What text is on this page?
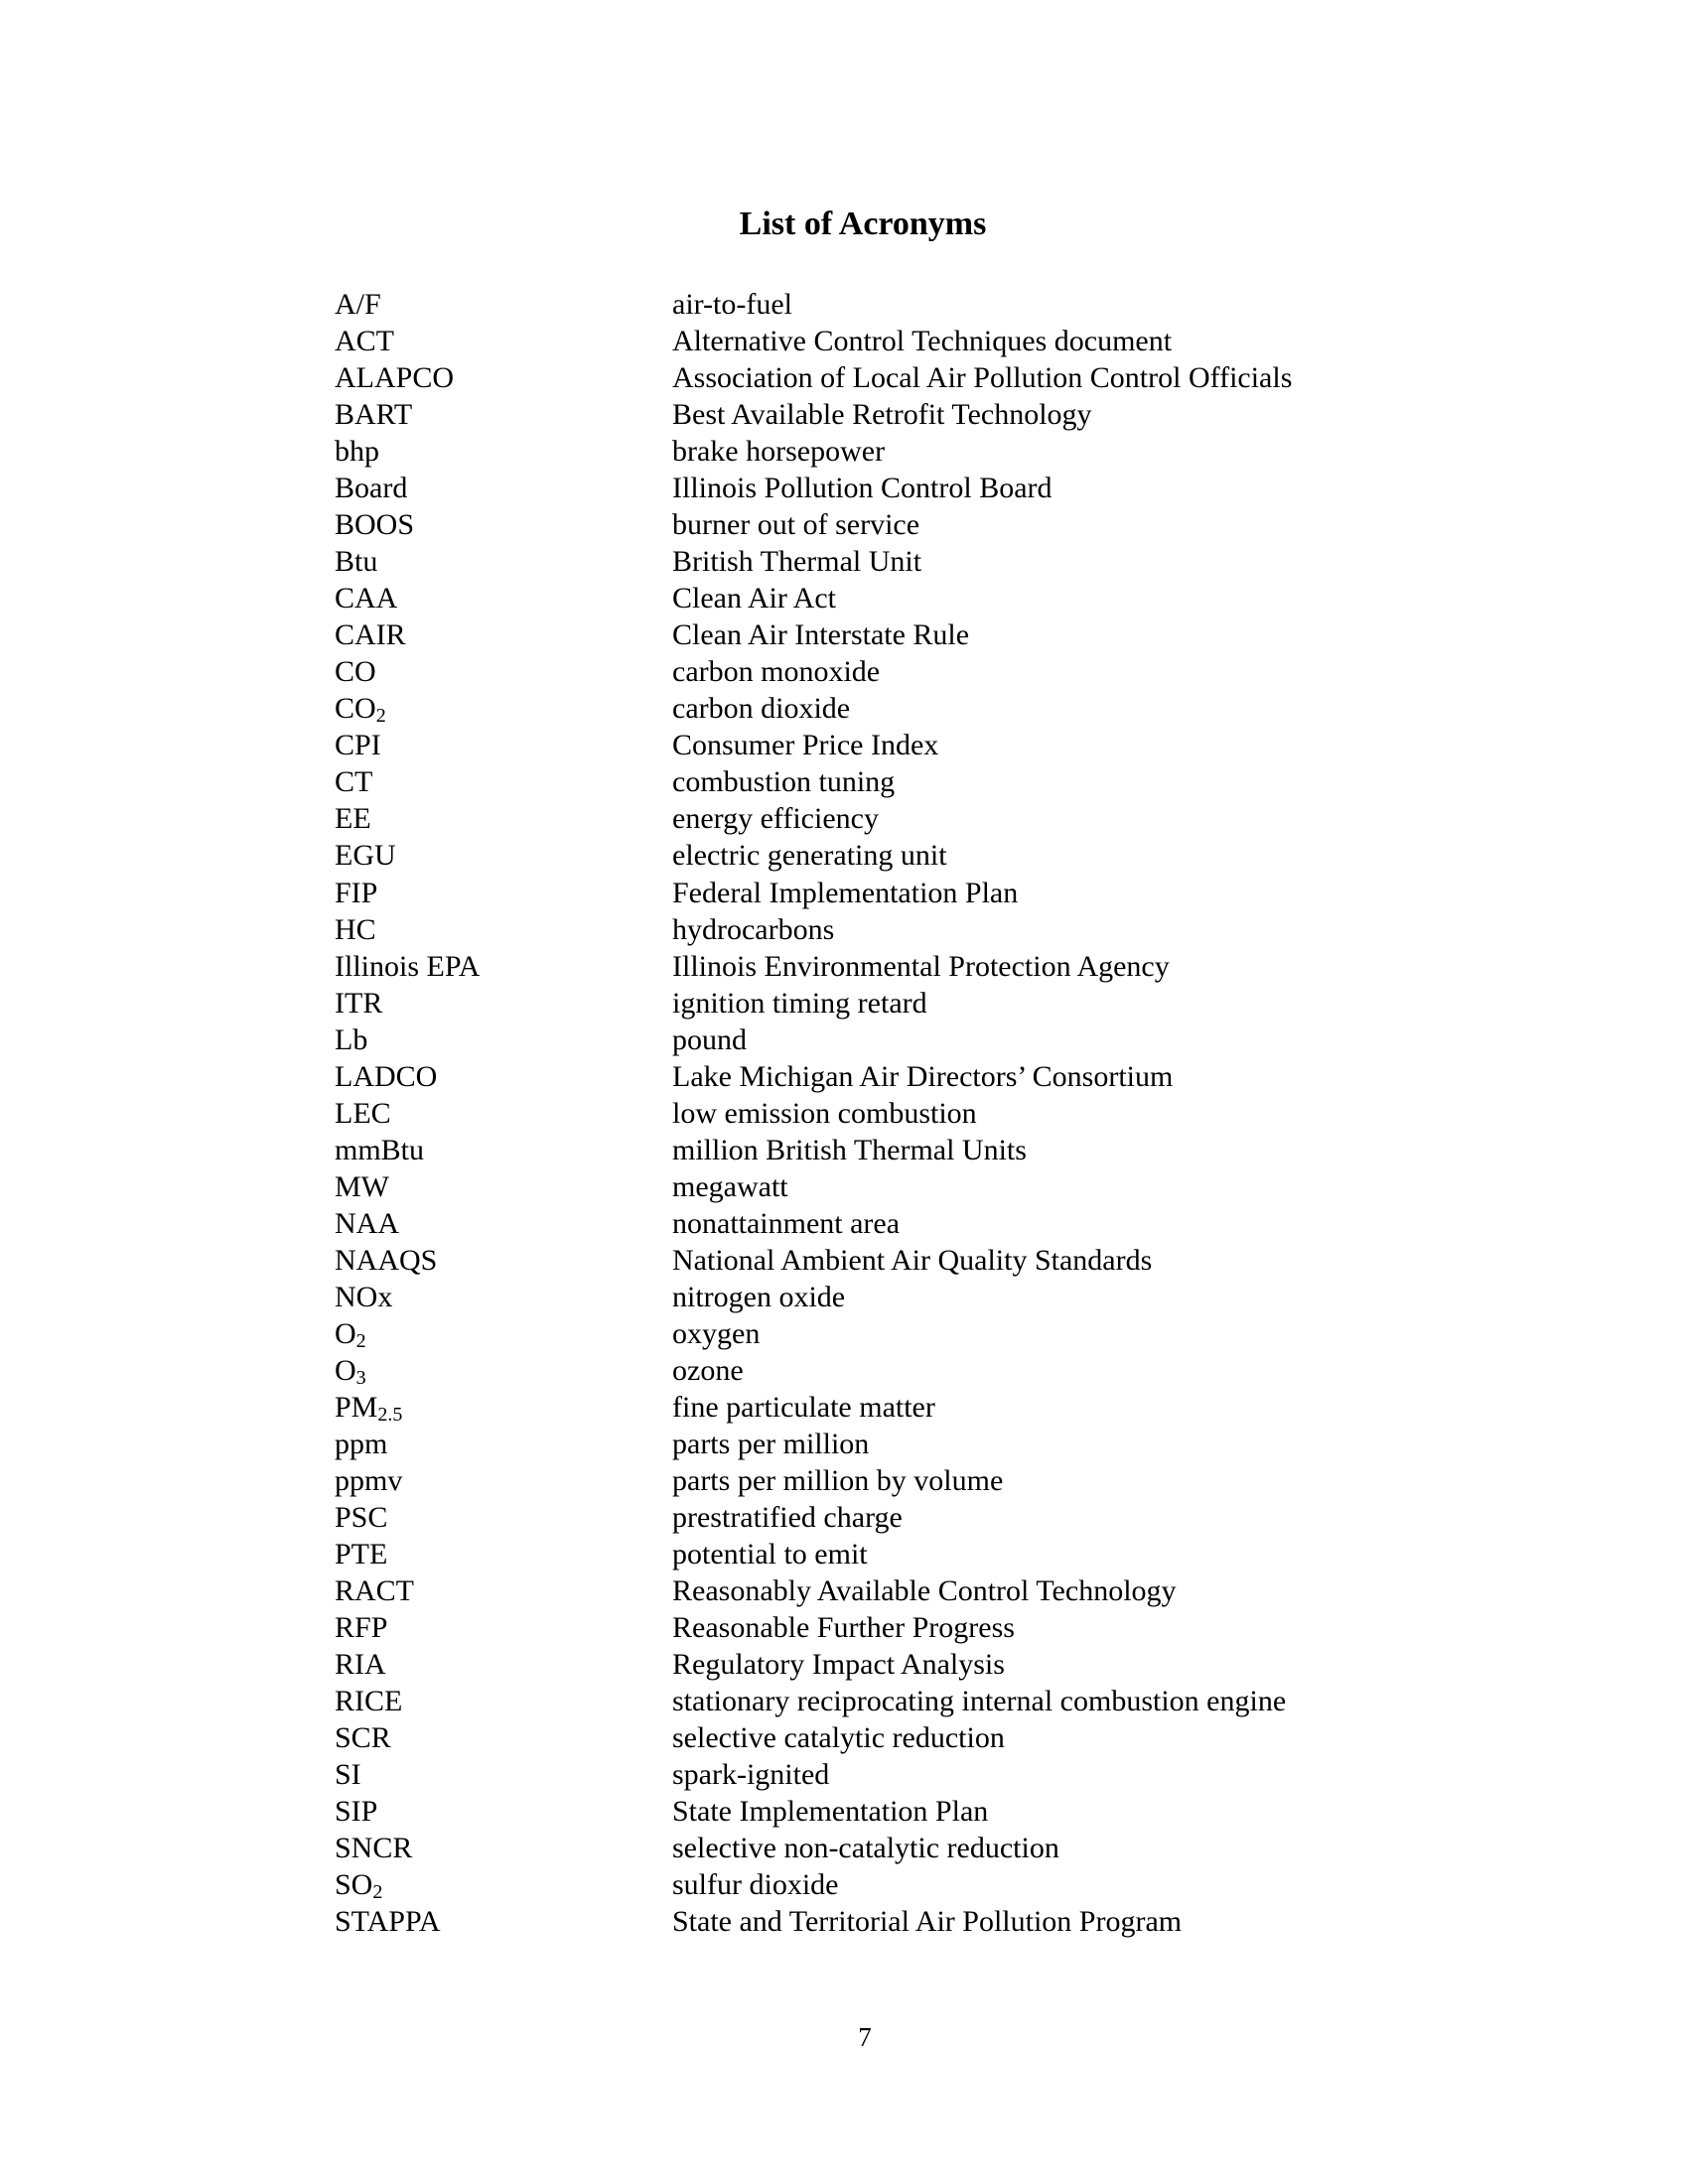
List of Acronyms
A/F	air-to-fuel
ACT	Alternative Control Techniques document
ALAPCO	Association of Local Air Pollution Control Officials
BART	Best Available Retrofit Technology
bhp	brake horsepower
Board	Illinois Pollution Control Board
BOOS	burner out of service
Btu	British Thermal Unit
CAA	Clean Air Act
CAIR	Clean Air Interstate Rule
CO	carbon monoxide
$CO_2$	carbon dioxide
CPI	Consumer Price Index
CT	combustion tuning
EE	energy efficiency
EGU	electric generating unit
FIP	Federal Implementation Plan
HC	hydrocarbons
Illinois EPA	Illinois Environmental Protection Agency
ITR	ignition timing retard
Lb	pound
LADCO	Lake Michigan Air Directors’ Consortium
LEC	low emission combustion
mmBtu	million British Thermal Units
MW	megawatt
NAA	nonattainment area
NAAQS	National Ambient Air Quality Standards
NOx	nitrogen oxide
$O_2$	oxygen
$O_3$	ozone
$PM_{2.5}$	fine particulate matter
ppm	parts per million
ppmv	parts per million by volume
PSC	prestratified charge
PTE	potential to emit
RACT	Reasonably Available Control Technology
RFP	Reasonable Further Progress
RIA	Regulatory Impact Analysis
RICE	stationary reciprocating internal combustion engine
SCR	selective catalytic reduction
SI	spark-ignited
SIP	State Implementation Plan
SNCR	selective non-catalytic reduction
$SO_2$	sulfur dioxide
STAPPA	State and Territorial Air Pollution Program
7
